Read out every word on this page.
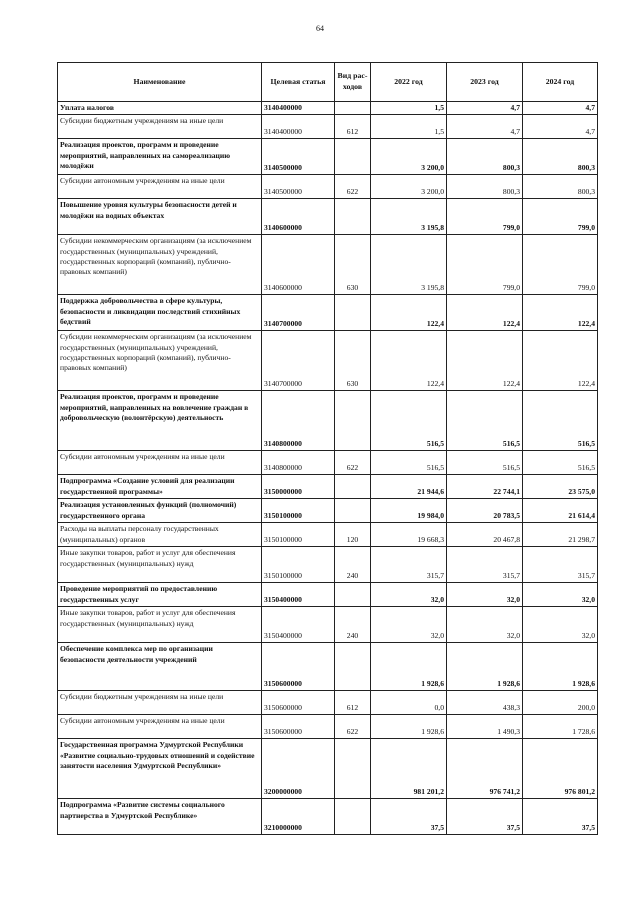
64
Наименование	Целевая статья	Вид рас-ходов	2022 год	2023 год	2024 год
Уплата налогов	3140400000		1,5	4,7	4,7
Субсидии бюджетным учреждениям на иные цели	3140400000	612	1,5	4,7	4,7
Реализация проектов, программ и проведение мероприятий, направленных на самореализацию молодёжи	3140500000		3 200,0	800,3	800,3
Субсидии автономным учреждениям на иные цели	3140500000	622	3 200,0	800,3	800,3
Повышение уровня культуры безопасности детей и молодёжи на водных объектах	3140600000		3 195,8	799,0	799,0
Субсидии некоммерческим организациям (за исключением государственных (муниципальных) учреждений, государственных корпораций (компаний), публично-правовых компаний)	3140600000	630	3 195,8	799,0	799,0
Поддержка добровольчества в сфере культуры, безопасности и ликвидации последствий стихийных бедствий	3140700000		122,4	122,4	122,4
Субсидии некоммерческим организациям (за исключением государственных (муниципальных) учреждений, государственных корпораций (компаний), публично-правовых компаний)	3140700000	630	122,4	122,4	122,4
Реализация проектов, программ и проведение мероприятий, направленных на вовлечение граждан в добровольческую (волонтёрскую) деятельность	3140800000		516,5	516,5	516,5
Субсидии автономным учреждениям на иные цели	3140800000	622	516,5	516,5	516,5
Подпрограмма «Создание условий для реализации государственной программы»	3150000000		21 944,6	22 744,1	23 575,0
Реализация установленных функций (полномочий) государственного органа	3150100000		19 984,0	20 783,5	21 614,4
Расходы на выплаты персоналу государственных (муниципальных) органов	3150100000	120	19 668,3	20 467,8	21 298,7
Иные закупки товаров, работ и услуг для обеспечения государственных (муниципальных) нужд	3150100000	240	315,7	315,7	315,7
Проведение мероприятий по предоставлению государственных услуг	3150400000		32,0	32,0	32,0
Иные закупки товаров, работ и услуг для обеспечения государственных (муниципальных) нужд	3150400000	240	32,0	32,0	32,0
Обеспечение комплекса мер по организации безопасности деятельности учреждений	3150600000		1 928,6	1 928,6	1 928,6
Субсидии бюджетным учреждениям на иные цели	3150600000	612	0,0	438,3	200,0
Субсидии автономным учреждениям на иные цели	3150600000	622	1 928,6	1 490,3	1 728,6
Государственная программа Удмуртской Республики «Развитие социально-трудовых отношений и содействие занятости населения Удмуртской Республики»	3200000000		981 201,2	976 741,2	976 801,2
Подпрограмма «Развитие системы социального партнерства в Удмуртской Республике»	3210000000		37,5	37,5	37,5
